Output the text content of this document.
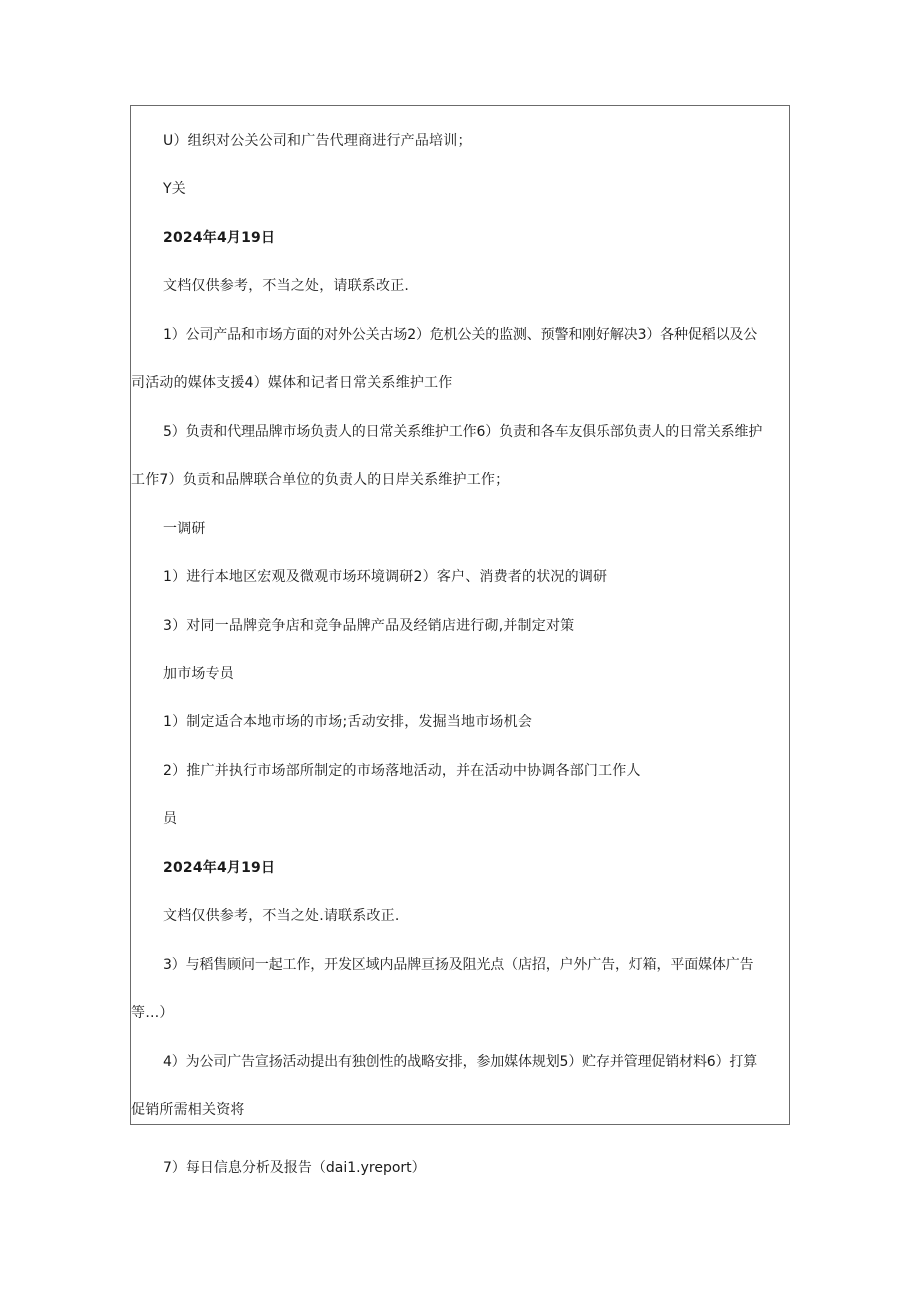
U）组织对公关公司和广告代理商进行产品培训；
Y关
2024年4月19日
文档仅供参考，不当之处，请联系改正.
1）公司产品和市场方面的对外公关古场2）危机公关的监测、预警和刚好解决3）各种促稻以及公
司活动的媒体支援4）媒体和记者日常关系维护工作
5）负责和代理品牌市场负责人的日常关系维护工作6）负责和各车友俱乐部负责人的日常关系维护
工作7）负贡和品牌联合单位的负责人的日岸关系维护工作；
一调研
1）进行本地区宏观及微观市场环境调研2）客户、消费者的状况的调研
3）对同一品牌竞争店和竞争品牌产品及经销店进行砌,并制定对策
加市场专员
1）制定适合本地市场的市场;舌动安排，发掘当地市场机会
2）推广并执行市场部所制定的市场落地活动，并在活动中协调各部门工作人
员
2024年4月19日
文档仅供参考，不当之处.请联系改正.
3）与稻售顾问一起工作，开发区域内品牌亘扬及阻光点（店招，户外广告，灯箱，平面媒体广告
等…）
4）为公司广告宣扬活动提出有独创性的战略安排，参加媒体规划5）贮存并管理促销材料6）打算
促销所需相关资将
7）每日信息分析及报告（dai1.yreport）
